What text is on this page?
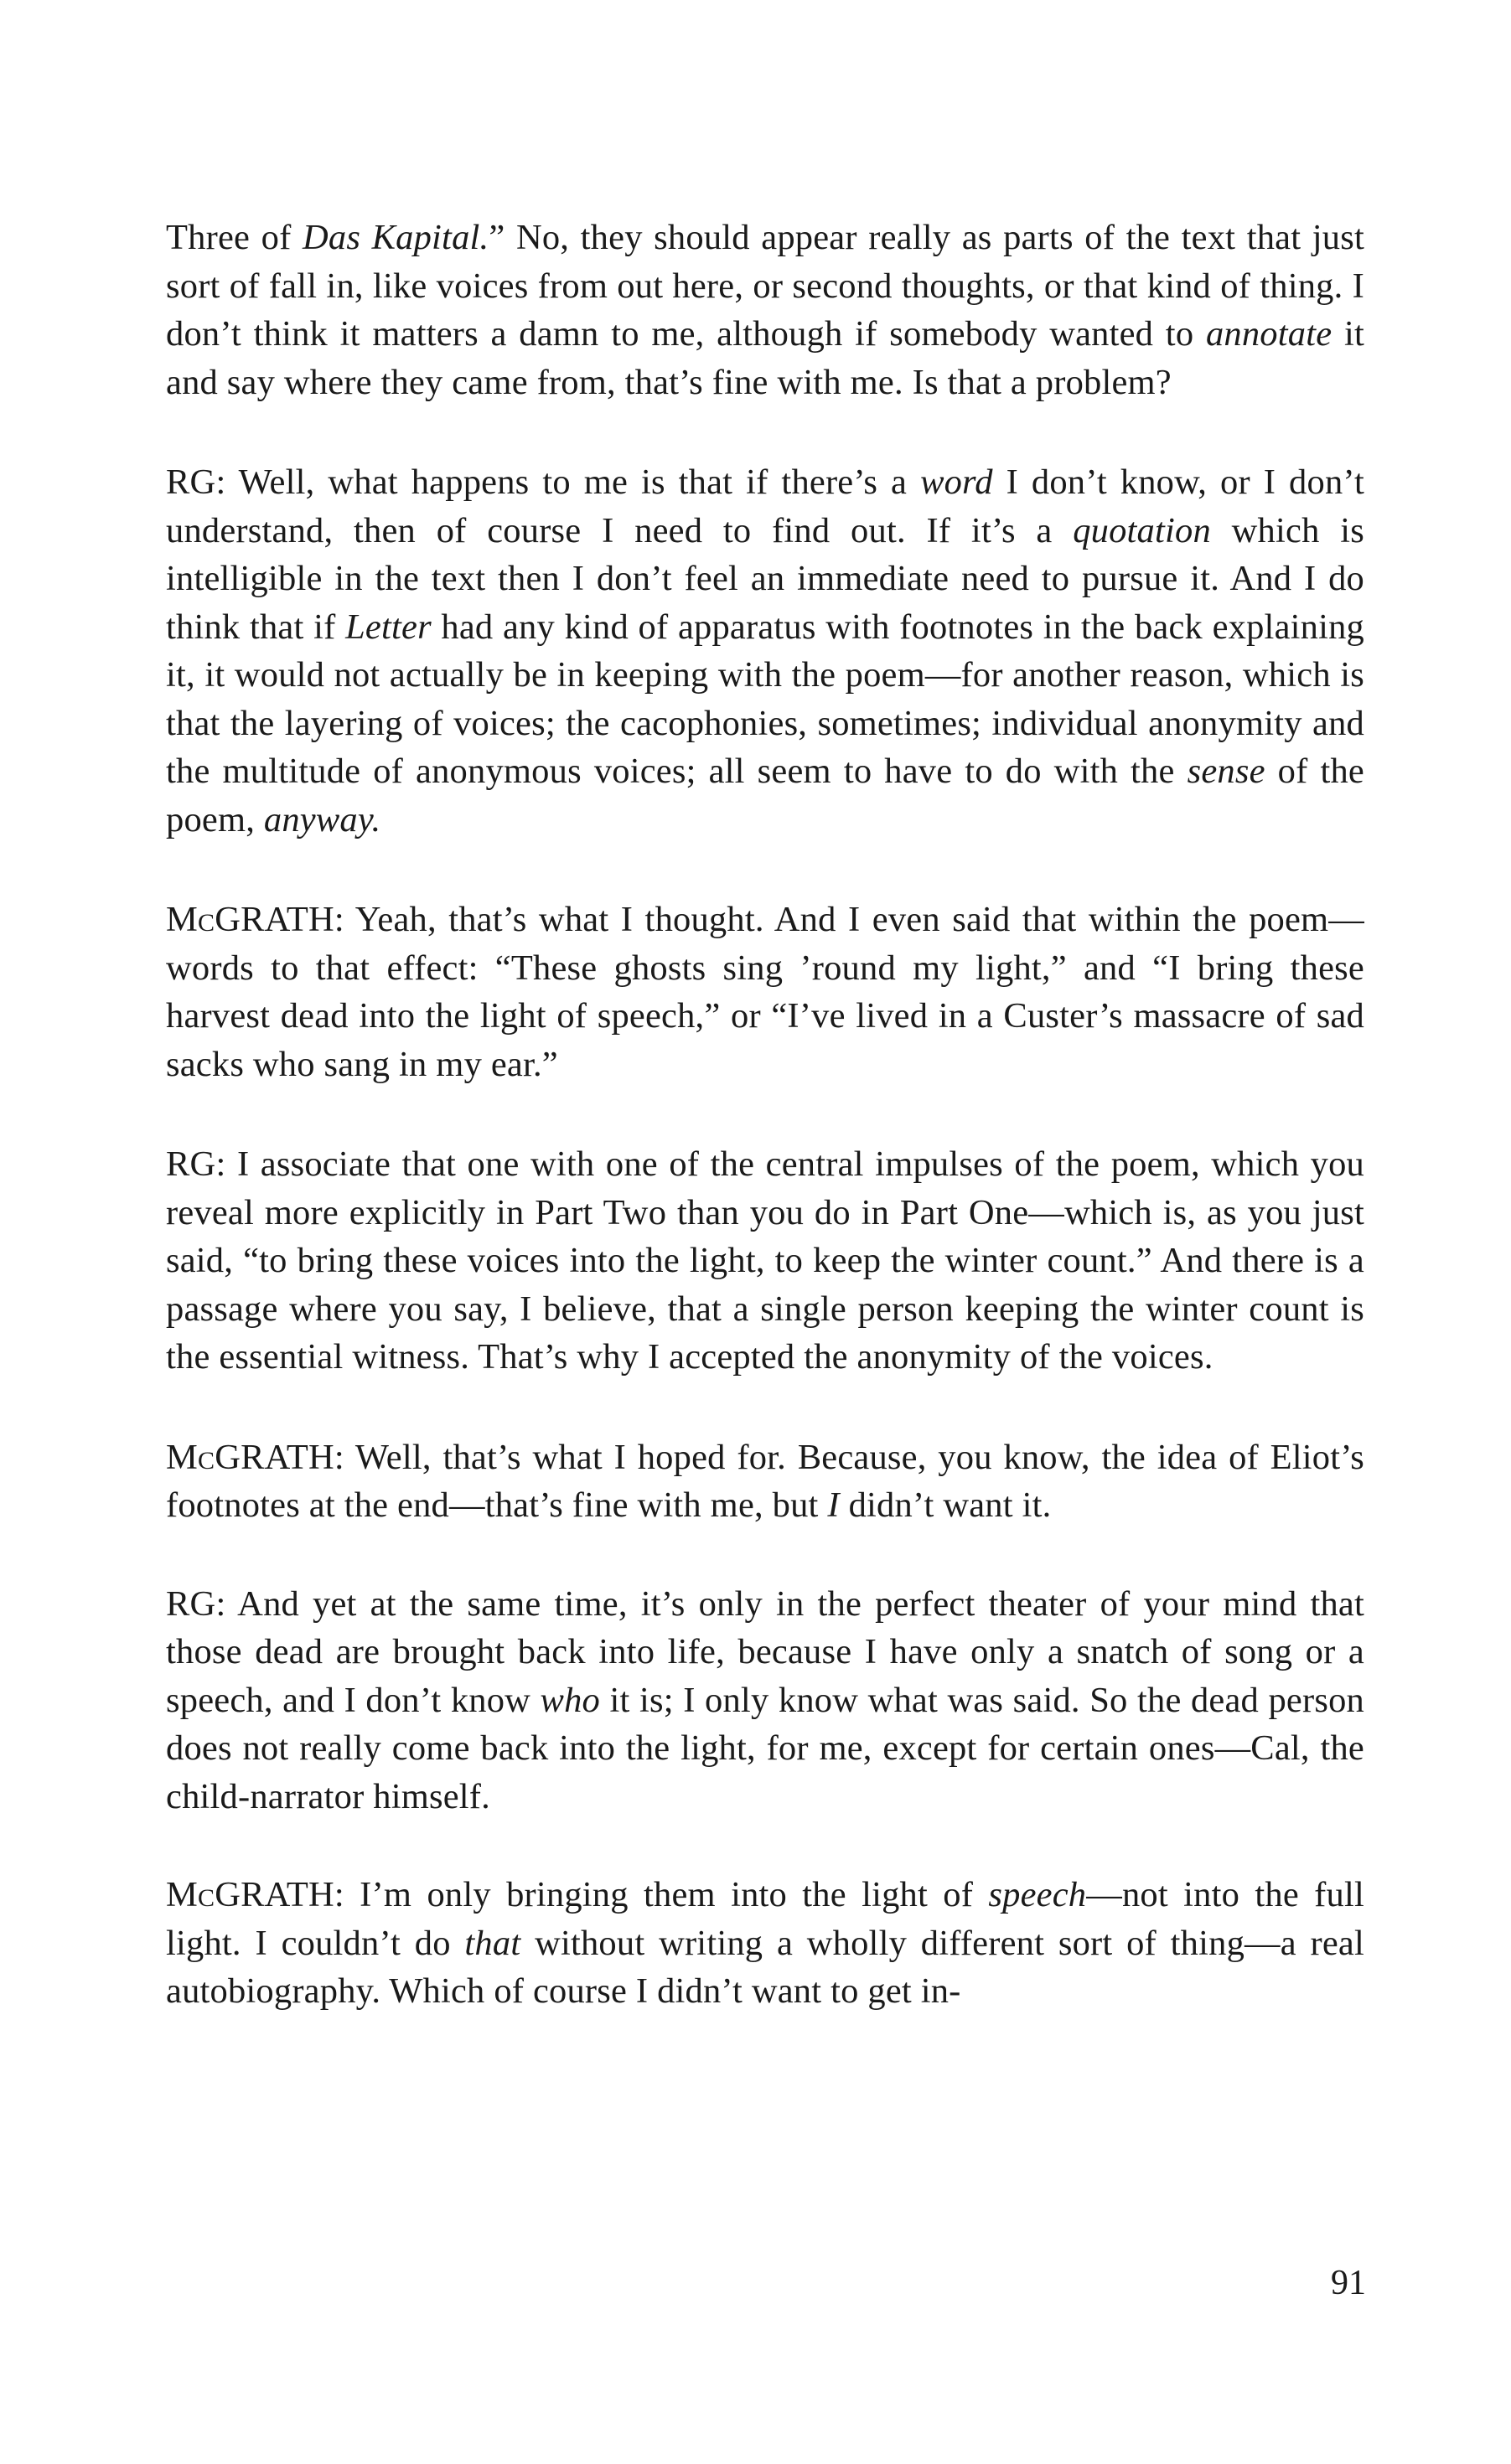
Three of Das Kapital.” No, they should appear really as parts of the text that just sort of fall in, like voices from out here, or second thoughts, or that kind of thing. I don’t think it matters a damn to me, although if somebody wanted to annotate it and say where they came from, that’s fine with me. Is that a problem?

RG: Well, what happens to me is that if there’s a word I don’t know, or I don’t understand, then of course I need to find out. If it’s a quotation which is intelligible in the text then I don’t feel an immediate need to pursue it. And I do think that if Letter had any kind of apparatus with footnotes in the back explaining it, it would not actually be in keeping with the poem—for another reason, which is that the layering of voices; the cacophonies, sometimes; individual anonymity and the multitude of anonymous voices; all seem to have to do with the sense of the poem, anyway.

McGRATH: Yeah, that’s what I thought. And I even said that within the poem—words to that effect: “These ghosts sing ’round my light,” and “I bring these harvest dead into the light of speech,” or “I’ve lived in a Custer’s massacre of sad sacks who sang in my ear.”

RG: I associate that one with one of the central impulses of the poem, which you reveal more explicitly in Part Two than you do in Part One—which is, as you just said, “to bring these voices into the light, to keep the winter count.” And there is a passage where you say, I believe, that a single person keeping the winter count is the essential witness. That’s why I accepted the anonymity of the voices.

McGRATH: Well, that’s what I hoped for. Because, you know, the idea of Eliot’s footnotes at the end—that’s fine with me, but I didn’t want it.

RG: And yet at the same time, it’s only in the perfect theater of your mind that those dead are brought back into life, because I have only a snatch of song or a speech, and I don’t know who it is; I only know what was said. So the dead person does not really come back into the light, for me, except for certain ones—Cal, the child-narrator himself.

McGRATH: I’m only bringing them into the light of speech—not into the full light. I couldn’t do that without writing a wholly different sort of thing—a real autobiography. Which of course I didn’t want to get in-

91
